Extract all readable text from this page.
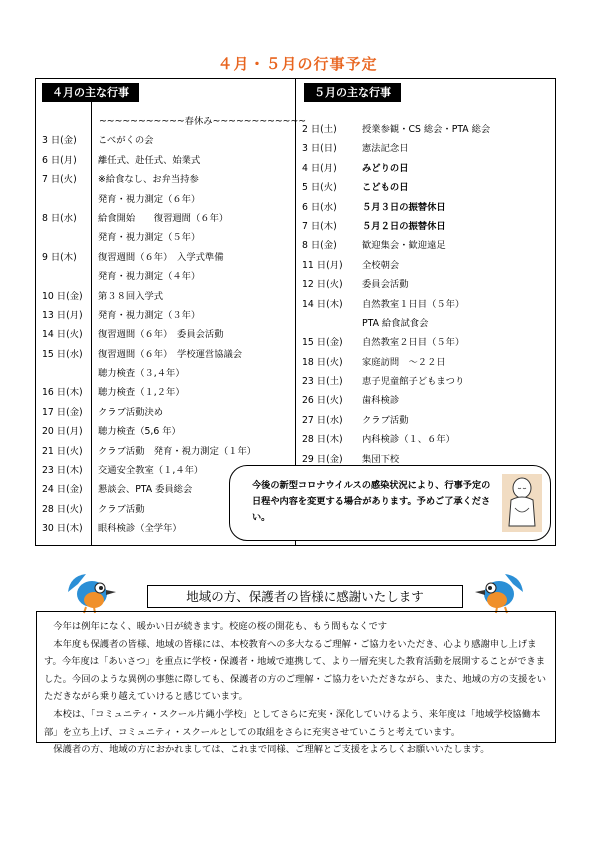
４月・５月の行事予定
４月の主な行事
~~~~~~~~~~~春休み~~~~~~~~~~~~
3 日(金) こべがくの会
6 日(月) 離任式、赴任式、始業式
7 日(火) ※給食なし、お弁当持参
発育・視力測定（６年）
8 日(水) 給食開始　　復習週間（６年）
発育・視力測定（５年）
9 日(木) 復習週間（６年）　入学式準備
発育・視力測定（４年）
10 日(金) 第３８回入学式
13 日(月) 発育・視力測定（３年）
14 日(火) 復習週間（６年）　委員会活動
15 日(水) 復習週間（６年）　学校運営協議会
聴力検査（３,４年）
16 日(木) 聴力検査（１,２年）
17 日(金) クラブ活動決め
20 日(月) 聴力検査（5,6 年）
21 日(火) クラブ活動　発育・視力測定（１年）
23 日(木) 交通安全教室（１,４年）
24 日(金) 懇談会、PTA 委員総会
28 日(火) クラブ活動
30 日(木) 眼科検診（全学年）
５月の主な行事
2 日(土)	授業参観・CS 総会・PTA 総会
3 日(日)	憲法記念日
4 日(月)	みどりの日
5 日(火)	こどもの日
6 日(水)	５月３日の振替休日
7 日(木)	５月２日の振替休日
8 日(金)	歓迎集会・歓迎遠足
11 日(月) 全校朝会
12 日(火) 委員会活動
14 日(木) 自然教室１日目（５年）
PTA 給食試食会
15 日(金) 自然教室２日目（５年）
18 日(火) 家庭訪問　～２２日
23 日(土) 恵子児童館子どもまつり
26 日(火) 歯科検診
27 日(水) クラブ活動
28 日(木) 内科検診（１、６年）
29 日(金) 集団下校
今後の新型コロナウイルスの感染状況により、行事予定の日程や内容を変更する場合があります。予めご了承ください。
地域の方、保護者の皆様に感謝いたします

今年は例年になく、暖かい日が続きます。校庭の桜の開花も、もう間もなくです

本年度も保護者の皆様、地域の皆様には、本校教育への多大なるご理解・ご協力をいただき、心より感謝申し上げます。今年度は「あいさつ」を重点に学校・保護者・地域で連携して、より一層充実した教育活動を展開することができました。今回のような異例の事態に際しても、保護者の方のご理解・ご協力をいただきながら、また、地域の方の支援をいただきながら乗り越えていけると感じています。

本校は、「コミュニティ・スクール片縄小学校」としてさらに充実・深化していけるよう、来年度は「地域学校協働本部」を立ち上げ、コミュニティ・スクールとしての取組をさらに充実させていこうと考えています。

保護者の方、地域の方におかれましては、これまで同様、ご理解とご支援をよろしくお願いいたします。
